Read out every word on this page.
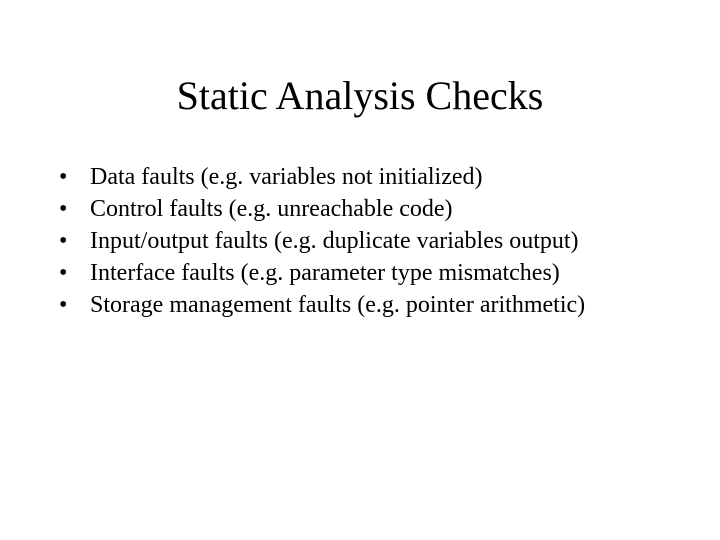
Static Analysis Checks
• Data faults (e.g. variables not initialized)
• Control faults (e.g. unreachable code)
• Input/output faults (e.g. duplicate variables output)
• Interface faults (e.g. parameter type mismatches)
• Storage management faults (e.g. pointer arithmetic)
